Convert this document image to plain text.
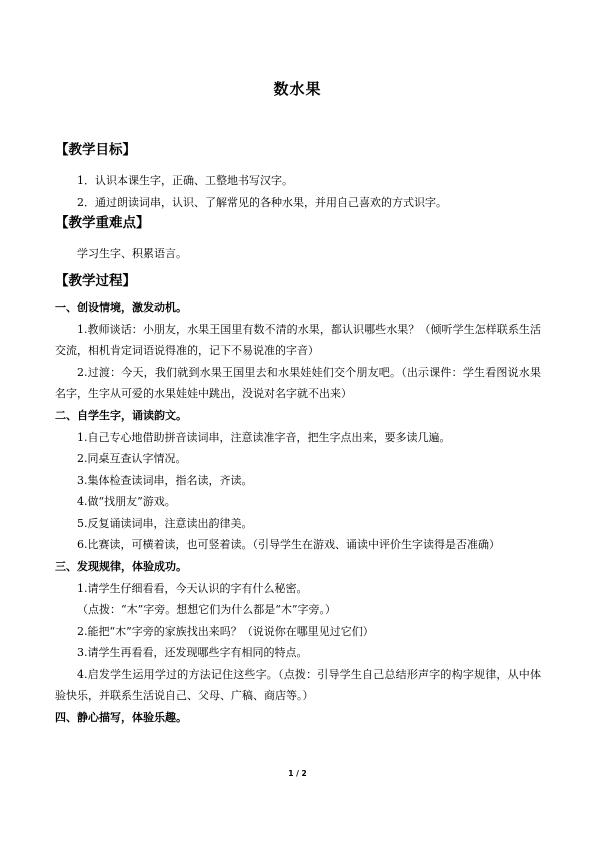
数水果
【教学目标】

1．认识本课生字，正确、工整地书写汉字。

2．通过朗读词串，认识、了解常见的各种水果，并用自己喜欢的方式识字。

【教学重难点】

学习生字、积累语言。

【教学过程】

一、创设情境，激发动机。

1.教师谈话：小朋友，水果王国里有数不清的水果，都认识哪些水果？（倾听学生怎样联系生活交流，相机肯定词语说得准的，记下不易说准的字音）

2.过渡：今天，我们就到水果王国里去和水果娃娃们交个朋友吧。（出示课件：学生看图说水果名字，生字从可爱的水果娃娃中跳出，没说对名字就不出来）

二、自学生字，诵读韵文。

1.自己专心地借助拼音读词串，注意读准字音，把生字点出来，要多读几遍。

2.同桌互查认字情况。

3.集体检查读词串，指名读，齐读。

4.做“找朋友”游戏。

5.反复诵读词串，注意读出韵律美。

6.比赛读，可横着读，也可竖着读。（引导学生在游戏、诵读中评价生字读得是否准确）

三、发现规律，体验成功。

1.请学生仔细看看，今天认识的字有什么秘密。

（点拨：“木”字旁。想想它们为什么都是“木”字旁。）

2.能把“木”字旁的家族找出来吗？（说说你在哪里见过它们）

3.请学生再看看，还发现哪些字有相同的特点。

4.启发学生运用学过的方法记住这些字。（点拨：引导学生自己总结形声字的构字规律，从中体验快乐，并联系生活说自己、父母、广稿、商店等。）

四、静心描写，体验乐趣。

1 / 2
